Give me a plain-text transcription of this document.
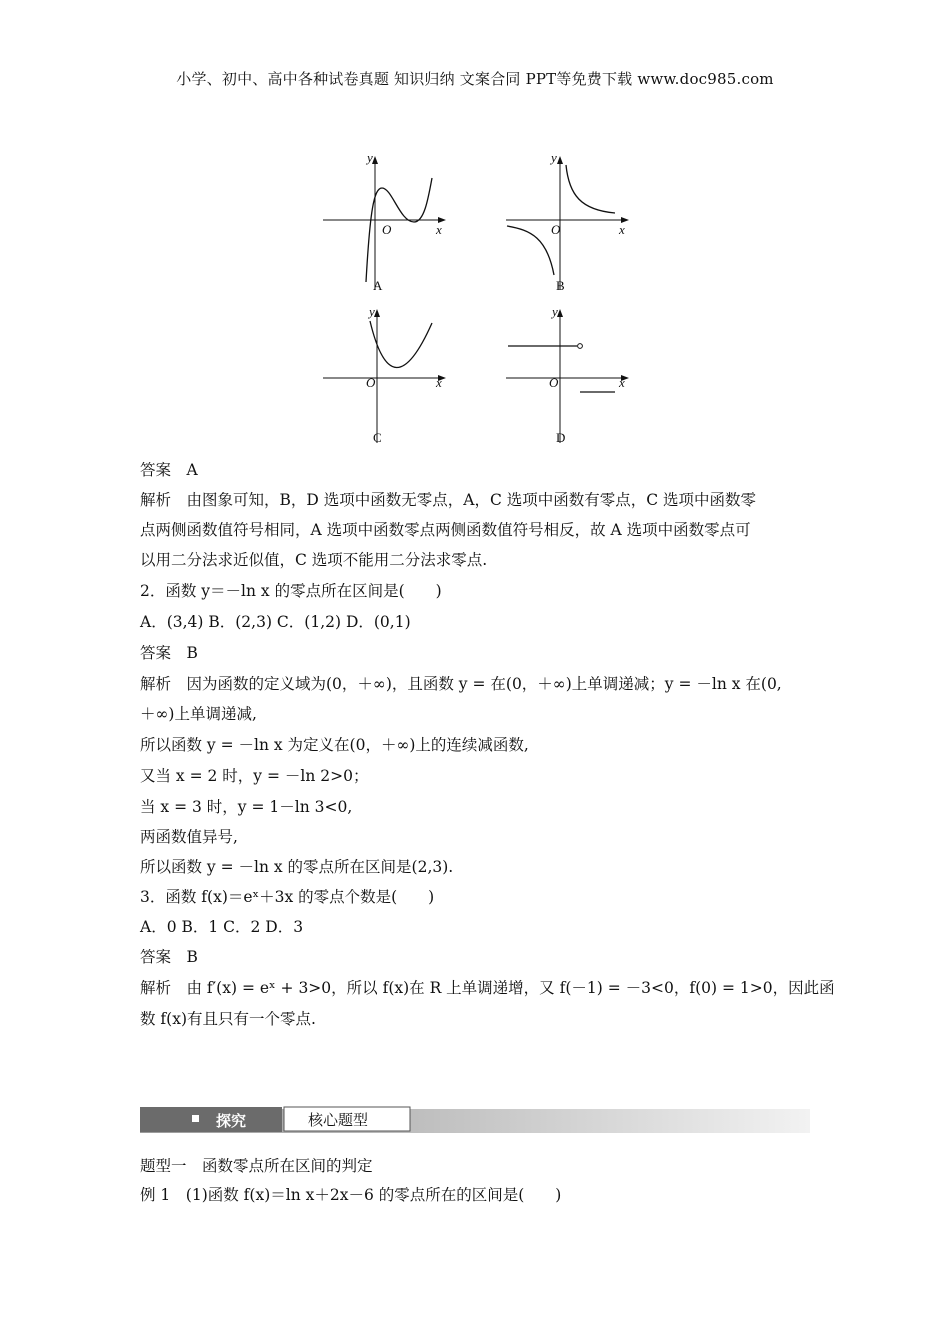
小学、初中、高中各种试卷真题 知识归纳 文案合同 PPT等免费下载 www.doc985.com
y
x
O
A
y
x
O
B
y
x
O
C
y
x
O
D
答案　A
解析　由图象可知，B，D 选项中函数无零点，A，C 选项中函数有零点，C 选项中函数零
点两侧函数值符号相同，A 选项中函数零点两侧函数值符号相反，故 A 选项中函数零点可
以用二分法求近似值，C 选项不能用二分法求零点.
2．函数 y＝－ln x 的零点所在区间是(　　)
A．(3,4) B．(2,3) C．(1,2) D．(0,1)
答案　B
解析　因为函数的定义域为(0，＋∞)，且函数 y = 在(0，＋∞)上单调递减；y = －ln x 在(0,
＋∞)上单调递减,
所以函数 y = －ln x 为定义在(0，＋∞)上的连续减函数,
又当 x = 2 时，y = －ln 2>0；
当 x = 3 时，y = 1－ln 3<0,
两函数值异号,
所以函数 y = －ln x 的零点所在区间是(2,3).
3．函数 f(x)＝eˣ＋3x 的零点个数是(　　)
A．0 B．1 C．2 D．3
答案　B
解析　由 f′(x) = eˣ + 3>0，所以 f(x)在 R 上单调递增，又 f(－1) = －3<0，f(0) = 1>0，因此函
数 f(x)有且只有一个零点.
探究	核心题型
题型一　函数零点所在区间的判定
例 1　(1)函数 f(x)＝ln x＋2x－6 的零点所在的区间是(　　)
